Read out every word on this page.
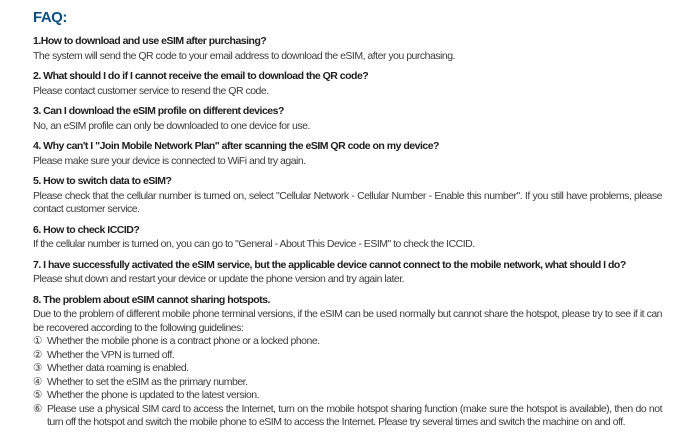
FAQ:
1.How to download and use eSIM after purchasing?

The system will send the QR code to your email address to download the eSIM, after you purchasing.

2. What should I do if I cannot receive the email to download the QR code?

Please contact customer service to resend the QR code.

3. Can I download the eSIM profile on different devices?

No, an eSIM profile can only be downloaded to one device for use.

4. Why can't I "Join Mobile Network Plan" after scanning the eSIM QR code on my device?

Please make sure your device is connected to WiFi and try again.

5. How to switch data to eSIM?

Please check that the cellular number is turned on, select "Cellular Network - Cellular Number - Enable this number". If you still have problems, please contact customer service.

6. How to check ICCID?

If the cellular number is turned on, you can go to "General - About This Device - ESIM" to check the ICCID.

7. I have successfully activated the eSIM service, but the applicable device cannot connect to the mobile network, what should I do?

Please shut down and restart your device or update the phone version and try again later.

8. The problem about eSIM cannot sharing hotspots.

Due to the problem of different mobile phone terminal versions, if the eSIM can be used normally but cannot share the hotspot, please try to see if it can be recovered according to the following guidelines:

① Whether the mobile phone is a contract phone or a locked phone.
② Whether the VPN is turned off.
③ Whether data roaming is enabled.
④ Whether to set the eSIM as the primary number.
⑤ Whether the phone is updated to the latest version.
⑥ Please use a physical SIM card to access the Internet, turn on the mobile hotspot sharing function (make sure the hotspot is available), then do not turn off the hotspot and switch the mobile phone to eSIM to access the Internet. Please try several times and switch the machine on and off.
